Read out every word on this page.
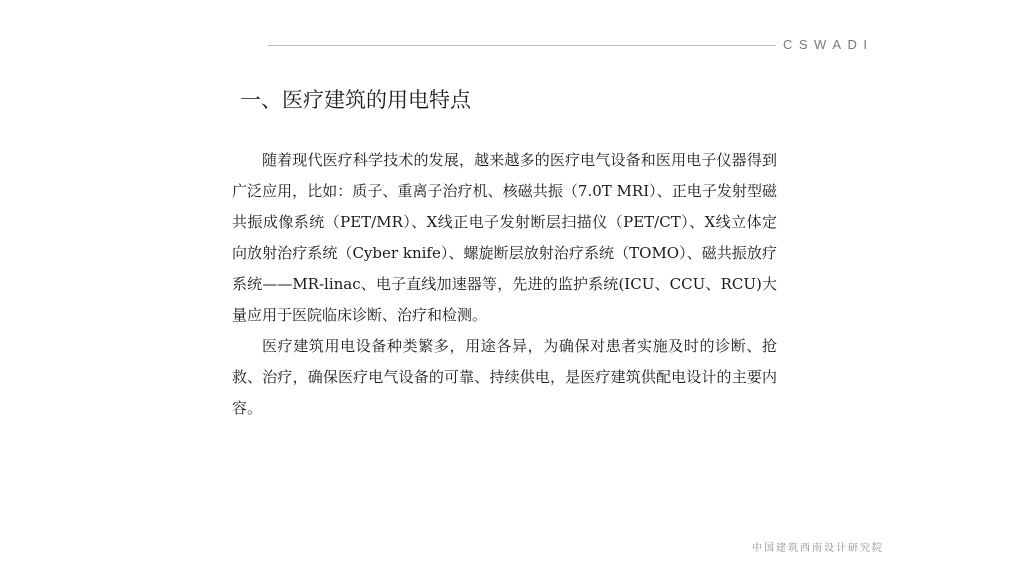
CSWADI
一、医疗建筑的用电特点

随着现代医疗科学技术的发展，越来越多的医疗电气设备和医用电子仪器得到广泛应用，比如：质子、重离子治疗机、核磁共振（7.0T MRI）、正电子发射型磁共振成像系统（PET/MR）、X线正电子发射断层扫描仪（PET/CT）、X线立体定向放射治疗系统（Cyber knife）、螺旋断层放射治疗系统（TOMO）、磁共振放疗系统——MR-linac、电子直线加速器等，先进的监护系统(ICU、CCU、RCU)大量应用于医院临床诊断、治疗和检测。

医疗建筑用电设备种类繁多，用途各异，为确保对患者实施及时的诊断、抢救、治疗，确保医疗电气设备的可靠、持续供电，是医疗建筑供配电设计的主要内容。

中国建筑西南设计研究院
